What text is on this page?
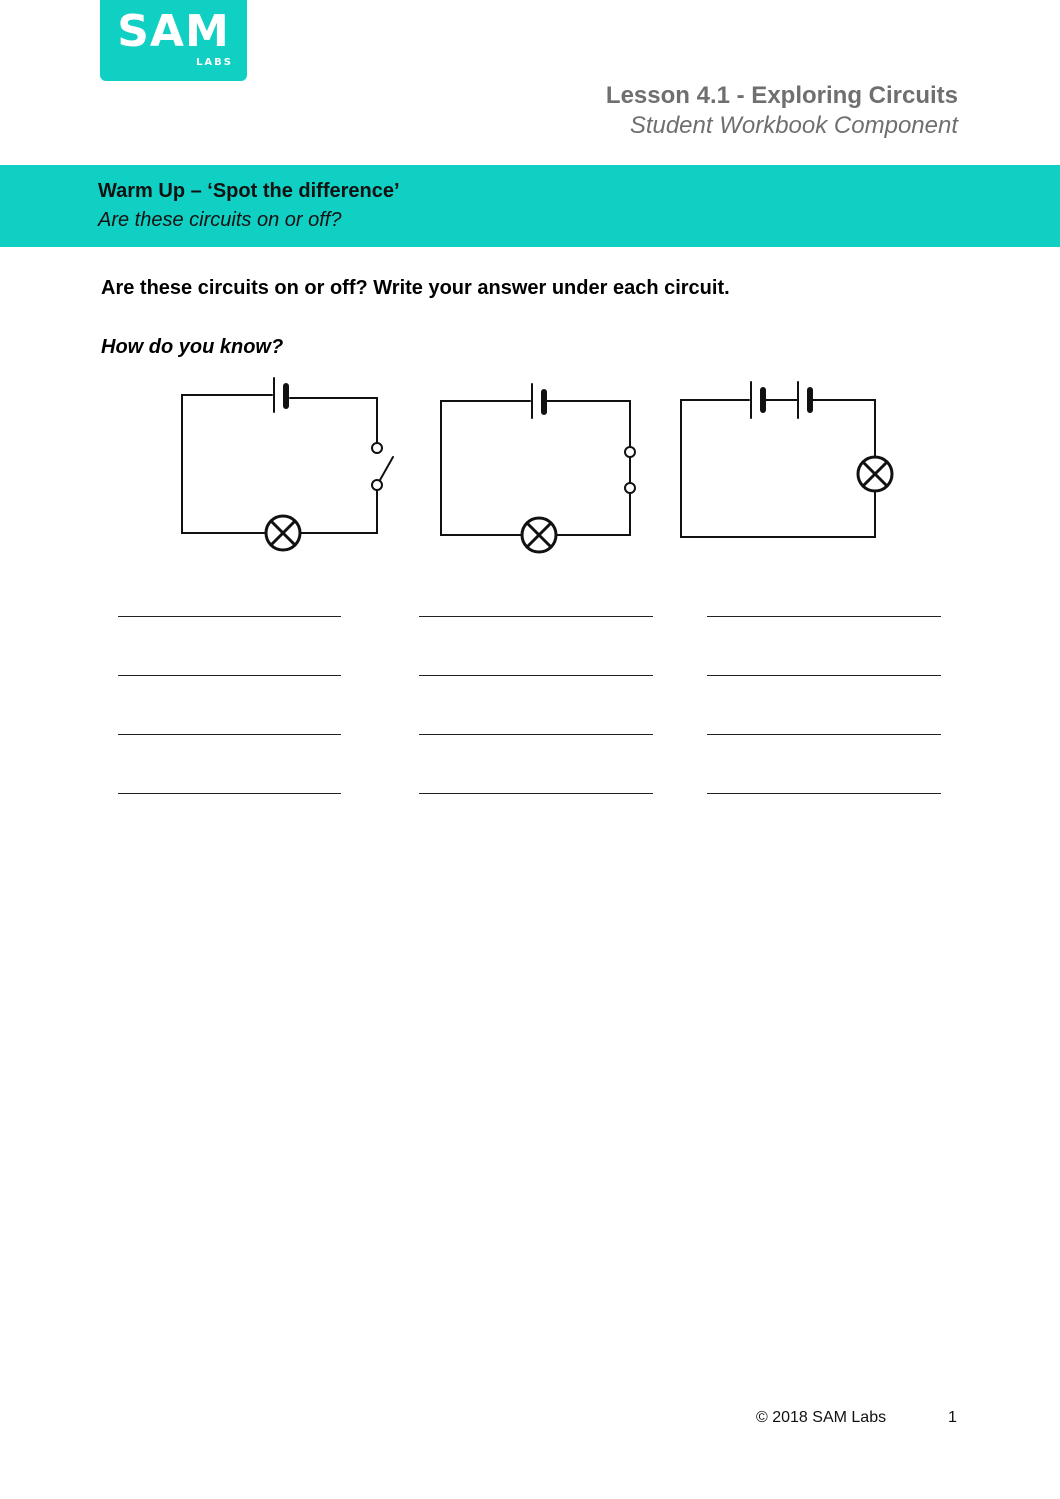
SAM
LABS
Lesson 4.1 - Exploring Circuits
Student Workbook Component
Warm Up – ‘Spot the difference’
Are these circuits on or off?
Are these circuits on or off? Write your answer under each circuit.
How do you know?
© 2018 SAM Labs	1
